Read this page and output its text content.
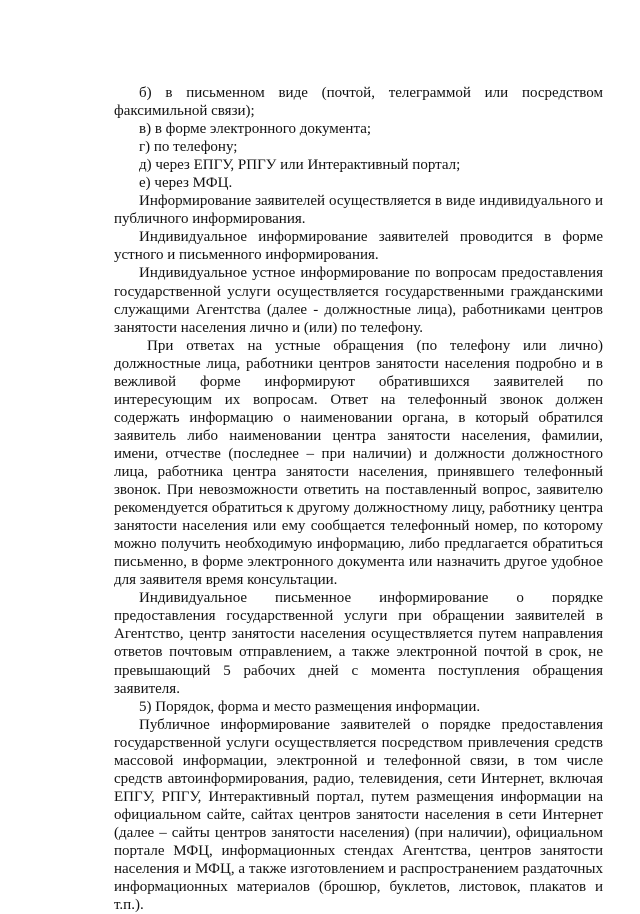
б) в письменном виде (почтой, телеграммой или посредством факсимильной связи);

в) в форме электронного документа;

г) по телефону;

д) через ЕПГУ, РПГУ или Интерактивный портал;

е) через МФЦ.

Информирование заявителей осуществляется в виде индивидуального и публичного информирования.

Индивидуальное информирование заявителей проводится в форме устного и письменного информирования.

Индивидуальное устное информирование по вопросам предоставления государственной услуги осуществляется государственными гражданскими служащими Агентства (далее - должностные лица), работниками центров занятости населения лично и (или) по телефону.

При ответах на устные обращения (по телефону или лично) должностные лица, работники центров занятости населения подробно и в вежливой форме информируют обратившихся заявителей по интересующим их вопросам. Ответ на телефонный звонок должен содержать информацию о наименовании органа, в который обратился заявитель либо наименовании центра занятости населения, фамилии, имени, отчестве (последнее – при наличии) и должности должностного лица, работника центра занятости населения, принявшего телефонный звонок. При невозможности ответить на поставленный вопрос, заявителю рекомендуется обратиться к другому должностному лицу, работнику центра занятости населения или ему сообщается телефонный номер, по которому можно получить необходимую информацию, либо предлагается обратиться письменно, в форме электронного документа или назначить другое удобное для заявителя время консультации.

Индивидуальное письменное информирование о порядке предоставления государственной услуги при обращении заявителей в Агентство, центр занятости населения осуществляется путем направления ответов почтовым отправлением, а также электронной почтой в срок, не превышающий 5 рабочих дней с момента поступления обращения заявителя.

5) Порядок, форма и место размещения информации.

Публичное информирование заявителей о порядке предоставления государственной услуги осуществляется посредством привлечения средств массовой информации, электронной и телефонной связи, в том числе средств автоинформирования, радио, телевидения, сети Интернет, включая ЕПГУ, РПГУ, Интерактивный портал, путем размещения информации на официальном сайте, сайтах центров занятости населения в сети Интернет (далее – сайты центров занятости населения) (при наличии), официальном портале МФЦ, информационных стендах Агентства, центров занятости населения и МФЦ, а также изготовлением и распространением раздаточных информационных материалов (брошюр, буклетов, листовок, плакатов и т.п.).
